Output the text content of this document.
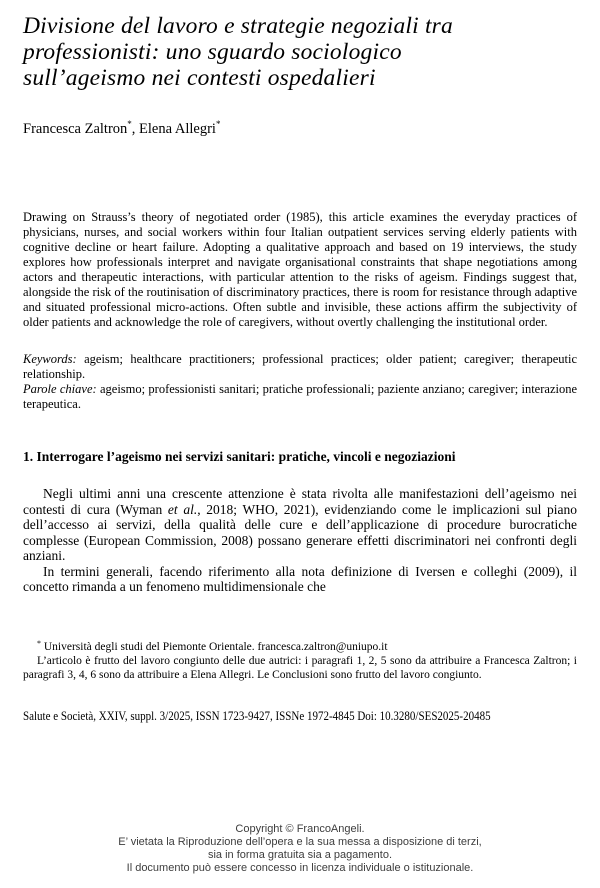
Divisione del lavoro e strategie negoziali tra professionisti: uno sguardo sociologico sull’ageismo nei contesti ospedalieri

Francesca Zaltron*, Elena Allegri*

Drawing on Strauss’s theory of negotiated order (1985), this article examines the everyday practices of physicians, nurses, and social workers within four Italian outpatient services serving elderly patients with cognitive decline or heart failure. Adopting a qualitative approach and based on 19 interviews, the study explores how professionals interpret and navigate organisational constraints that shape negotiations among actors and therapeutic interactions, with particular attention to the risks of ageism. Findings suggest that, alongside the risk of the routinisation of discriminatory practices, there is room for resistance through adaptive and situated professional micro-actions. Often subtle and invisible, these actions affirm the subjectivity of older patients and acknowledge the role of caregivers, without overtly challenging the institutional order.

Keywords: ageism; healthcare practitioners; professional practices; older patient; caregiver; therapeutic relationship.

Parole chiave: ageismo; professionisti sanitari; pratiche professionali; paziente anziano; caregiver; interazione terapeutica.

1. Interrogare l’ageismo nei servizi sanitari: pratiche, vincoli e negoziazioni

Negli ultimi anni una crescente attenzione è stata rivolta alle manifestazioni dell’ageismo nei contesti di cura (Wyman et al., 2018; WHO, 2021), evidenziando come le implicazioni sul piano dell’accesso ai servizi, della qualità delle cure e dell’applicazione di procedure burocratiche complesse (European Commission, 2008) possano generare effetti discriminatori nei confronti degli anziani.

In termini generali, facendo riferimento alla nota definizione di Iversen e colleghi (2009), il concetto rimanda a un fenomeno multidimensionale che

* Università degli studi del Piemonte Orientale. francesca.zaltron@uniupo.it

L’articolo è frutto del lavoro congiunto delle due autrici: i paragrafi 1, 2, 5 sono da attribuire a Francesca Zaltron; i paragrafi 3, 4, 6 sono da attribuire a Elena Allegri. Le Conclusioni sono frutto del lavoro congiunto.

Salute e Società, XXIV, suppl. 3/2025, ISSN 1723-9427, ISSNe 1972-4845 Doi: 10.3280/SES2025-20485

Copyright © FrancoAngeli.

E’ vietata la Riproduzione dell’opera e la sua messa a disposizione di terzi,

sia in forma gratuita sia a pagamento.

Il documento può essere concesso in licenza individuale o istituzionale.
